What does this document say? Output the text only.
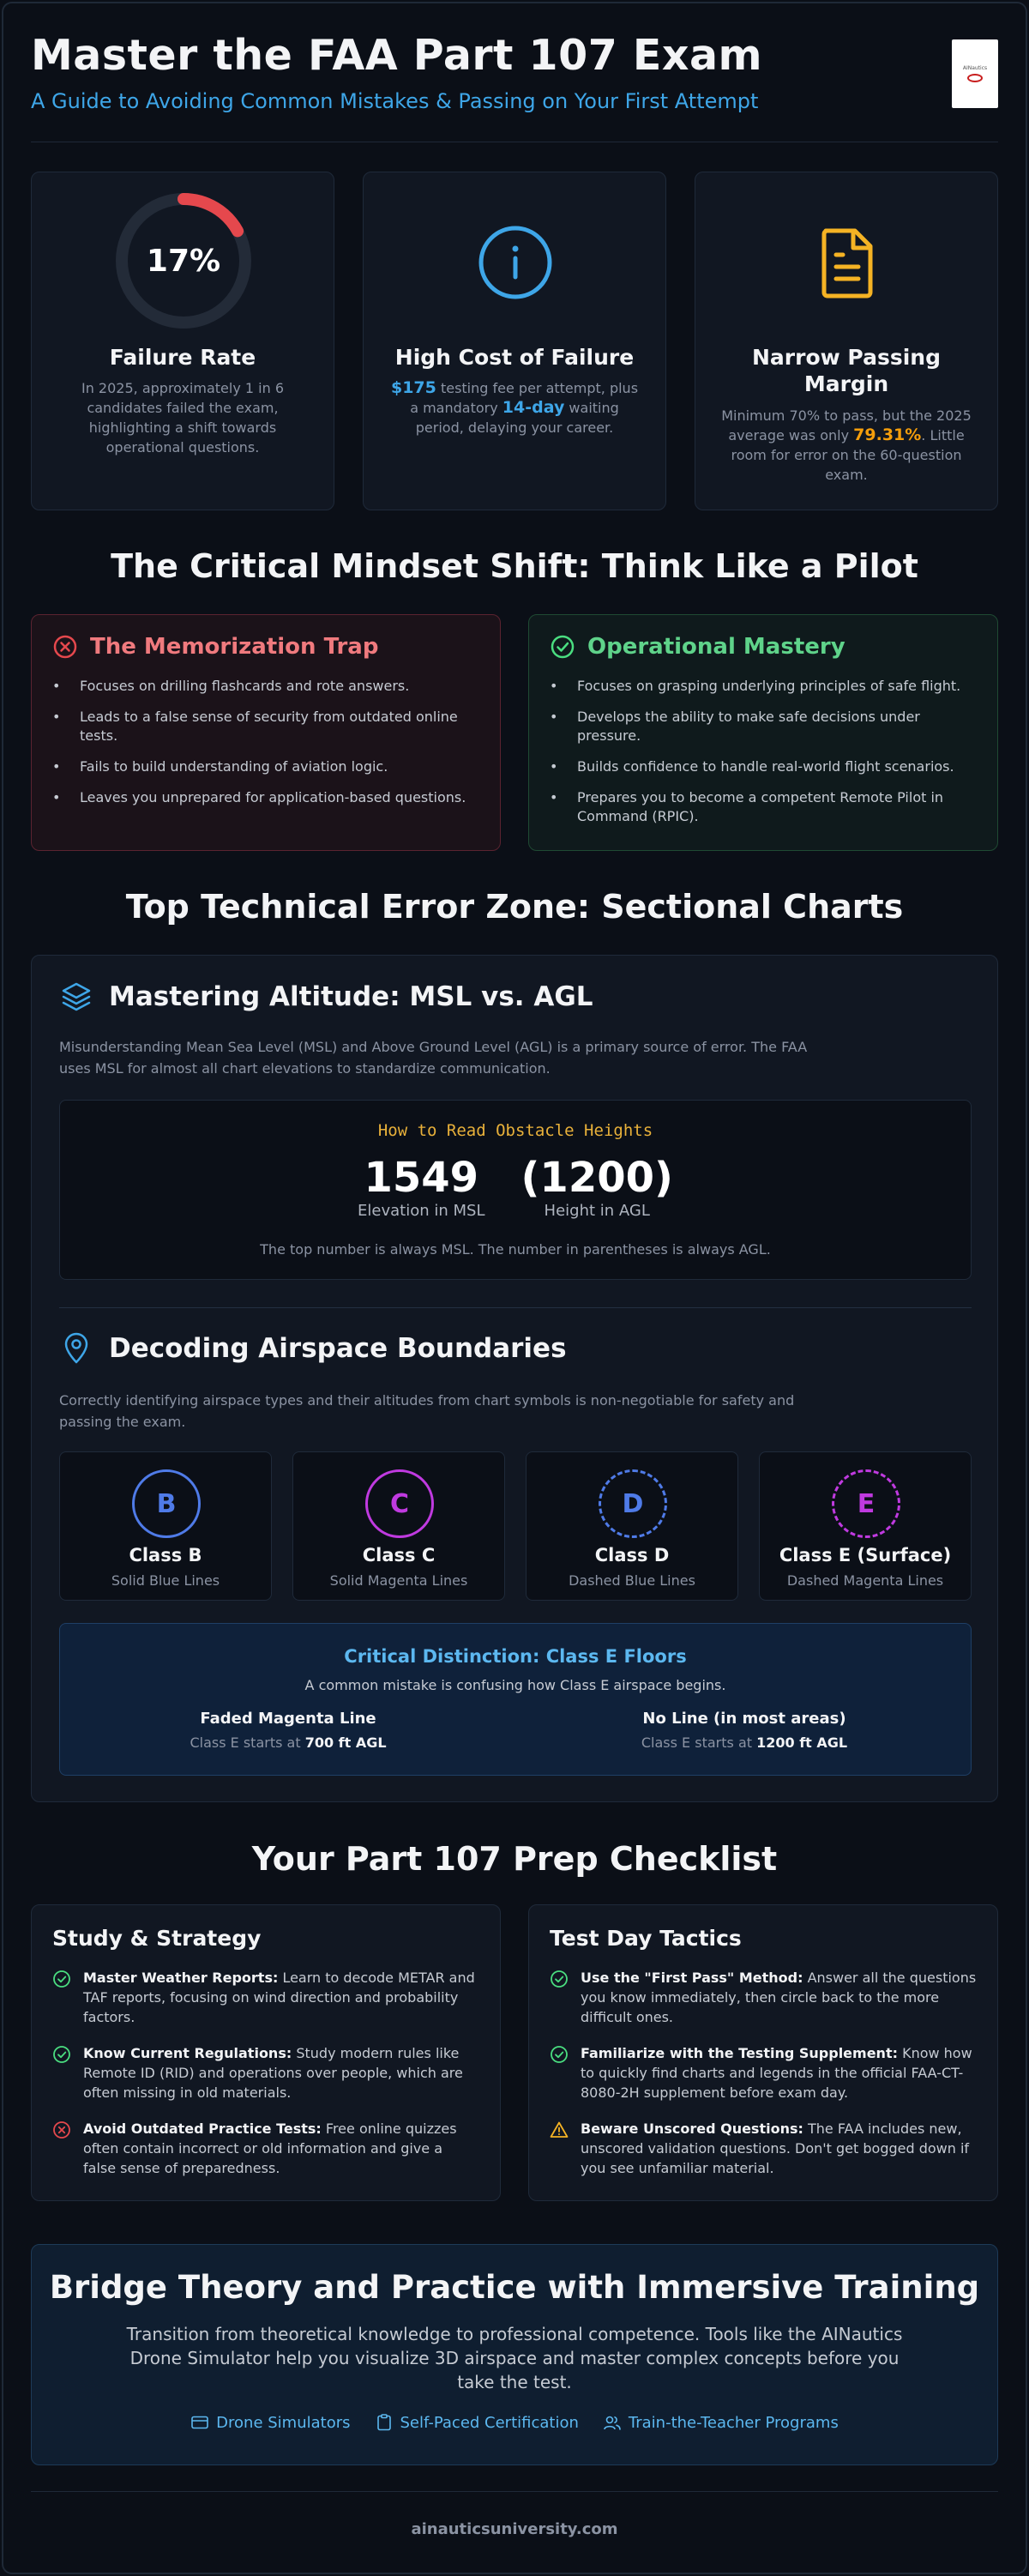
Master the FAA Part 107 Exam
A Guide to Avoiding Common Mistakes & Passing on Your First Attempt
AINautics
17%
Failure Rate
In 2025, approximately 1 in 6 candidates failed the exam, highlighting a shift towards operational questions.
High Cost of Failure
$175 testing fee per attempt, plus a mandatory 14-day waiting period, delaying your career.
Narrow Passing Margin
Minimum 70% to pass, but the 2025 average was only 79.31%. Little room for error on the 60-question exam.
The Critical Mindset Shift: Think Like a Pilot
The Memorization Trap
• Focuses on drilling flashcards and rote answers.
• Leads to a false sense of security from outdated online tests.
• Fails to build understanding of aviation logic.
• Leaves you unprepared for application-based questions.
Operational Mastery
• Focuses on grasping underlying principles of safe flight.
• Develops the ability to make safe decisions under pressure.
• Builds confidence to handle real-world flight scenarios.
• Prepares you to become a competent Remote Pilot in Command (RPIC).
Top Technical Error Zone: Sectional Charts
Mastering Altitude: MSL vs. AGL
Misunderstanding Mean Sea Level (MSL) and Above Ground Level (AGL) is a primary source of error. The FAA uses MSL for almost all chart elevations to standardize communication.
How to Read Obstacle Heights
1549
Elevation in MSL
(1200)
Height in AGL
The top number is always MSL. The number in parentheses is always AGL.
Decoding Airspace Boundaries
Correctly identifying airspace types and their altitudes from chart symbols is non-negotiable for safety and passing the exam.
B
Class B
Solid Blue Lines
C
Class C
Solid Magenta Lines
D
Class D
Dashed Blue Lines
E
Class E (Surface)
Dashed Magenta Lines
Critical Distinction: Class E Floors
A common mistake is confusing how Class E airspace begins.
Faded Magenta Line
Class E starts at 700 ft AGL
No Line (in most areas)
Class E starts at 1200 ft AGL
Your Part 107 Prep Checklist
Study & Strategy
Master Weather Reports: Learn to decode METAR and TAF reports, focusing on wind direction and probability factors.
Know Current Regulations: Study modern rules like Remote ID (RID) and operations over people, which are often missing in old materials.
Avoid Outdated Practice Tests: Free online quizzes often contain incorrect or old information and give a false sense of preparedness.
Test Day Tactics
Use the "First Pass" Method: Answer all the questions you know immediately, then circle back to the more difficult ones.
Familiarize with the Testing Supplement: Know how to quickly find charts and legends in the official FAA-CT-8080-2H supplement before exam day.
Beware Unscored Questions: The FAA includes new, unscored validation questions. Don't get bogged down if you see unfamiliar material.
Bridge Theory and Practice with Immersive Training
Transition from theoretical knowledge to professional competence. Tools like the AINautics Drone Simulator help you visualize 3D airspace and master complex concepts before you take the test.
Drone Simulators	Self-Paced Certification	Train-the-Teacher Programs
ainauticsuniversity.com
